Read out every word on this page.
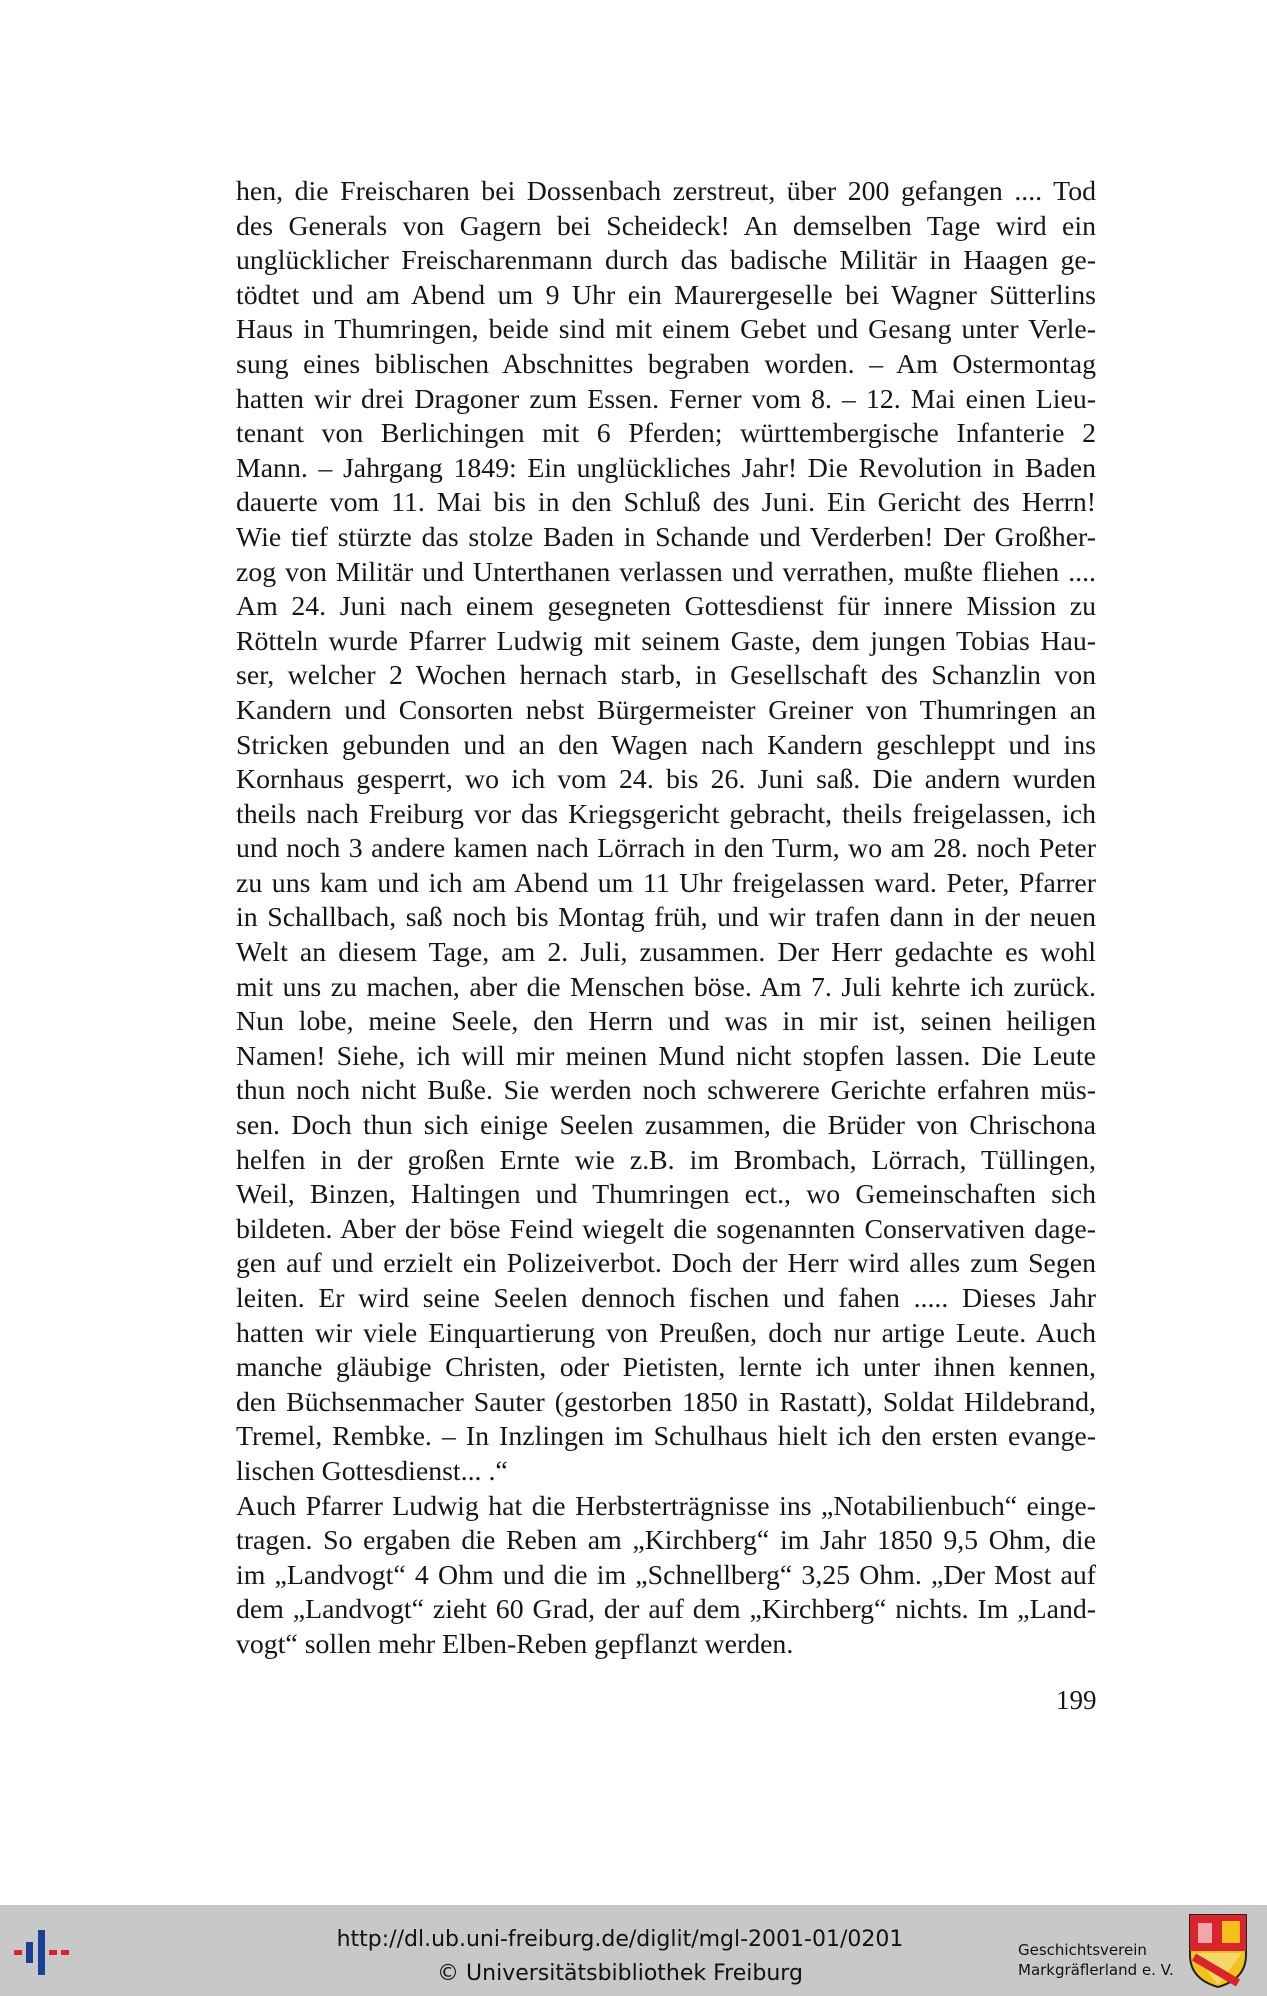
hen, die Freischaren bei Dossenbach zerstreut, über 200 gefangen .... Tod
des Generals von Gagern bei Scheideck! An demselben Tage wird ein
unglücklicher Freischarenmann durch das badische Militär in Haagen ge-
tödtet und am Abend um 9 Uhr ein Maurergeselle bei Wagner Sütterlins
Haus in Thumringen, beide sind mit einem Gebet und Gesang unter Verle-
sung eines biblischen Abschnittes begraben worden. – Am Ostermontag
hatten wir drei Dragoner zum Essen. Ferner vom 8. – 12. Mai einen Lieu-
tenant von Berlichingen mit 6 Pferden; württembergische Infanterie 2
Mann. – Jahrgang 1849: Ein unglückliches Jahr! Die Revolution in Baden
dauerte vom 11. Mai bis in den Schluß des Juni. Ein Gericht des Herrn!
Wie tief stürzte das stolze Baden in Schande und Verderben! Der Großher-
zog von Militär und Unterthanen verlassen und verrathen, mußte fliehen ....
Am 24. Juni nach einem gesegneten Gottesdienst für innere Mission zu
Rötteln wurde Pfarrer Ludwig mit seinem Gaste, dem jungen Tobias Hau-
ser, welcher 2 Wochen hernach starb, in Gesellschaft des Schanzlin von
Kandern und Consorten nebst Bürgermeister Greiner von Thumringen an
Stricken gebunden und an den Wagen nach Kandern geschleppt und ins
Kornhaus gesperrt, wo ich vom 24. bis 26. Juni saß. Die andern wurden
theils nach Freiburg vor das Kriegsgericht gebracht, theils freigelassen, ich
und noch 3 andere kamen nach Lörrach in den Turm, wo am 28. noch Peter
zu uns kam und ich am Abend um 11 Uhr freigelassen ward. Peter, Pfarrer
in Schallbach, saß noch bis Montag früh, und wir trafen dann in der neuen
Welt an diesem Tage, am 2. Juli, zusammen. Der Herr gedachte es wohl
mit uns zu machen, aber die Menschen böse. Am 7. Juli kehrte ich zurück.
Nun lobe, meine Seele, den Herrn und was in mir ist, seinen heiligen
Namen! Siehe, ich will mir meinen Mund nicht stopfen lassen. Die Leute
thun noch nicht Buße. Sie werden noch schwerere Gerichte erfahren müs-
sen. Doch thun sich einige Seelen zusammen, die Brüder von Chrischona
helfen in der großen Ernte wie z.B. im Brombach, Lörrach, Tüllingen,
Weil, Binzen, Haltingen und Thumringen ect., wo Gemeinschaften sich
bildeten. Aber der böse Feind wiegelt die sogenannten Conservativen dage-
gen auf und erzielt ein Polizeiverbot. Doch der Herr wird alles zum Segen
leiten. Er wird seine Seelen dennoch fischen und fahen ..... Dieses Jahr
hatten wir viele Einquartierung von Preußen, doch nur artige Leute. Auch
manche gläubige Christen, oder Pietisten, lernte ich unter ihnen kennen,
den Büchsenmacher Sauter (gestorben 1850 in Rastatt), Soldat Hildebrand,
Tremel, Rembke. – In Inzlingen im Schulhaus hielt ich den ersten evange-
lischen Gottesdienst... .“
Auch Pfarrer Ludwig hat die Herbsterträgnisse ins „Notabilienbuch“ einge-
tragen. So ergaben die Reben am „Kirchberg“ im Jahr 1850 9,5 Ohm, die
im „Landvogt“ 4 Ohm und die im „Schnellberg“ 3,25 Ohm. „Der Most auf
dem „Landvogt“ zieht 60 Grad, der auf dem „Kirchberg“ nichts. Im „Land-
vogt“ sollen mehr Elben-Reben gepflanzt werden.
199
http://dl.ub.uni-freiburg.de/diglit/mgl-2001-01/0201
© Universitätsbibliothek Freiburg
Geschichtsverein
Markgräflerland e. V.
